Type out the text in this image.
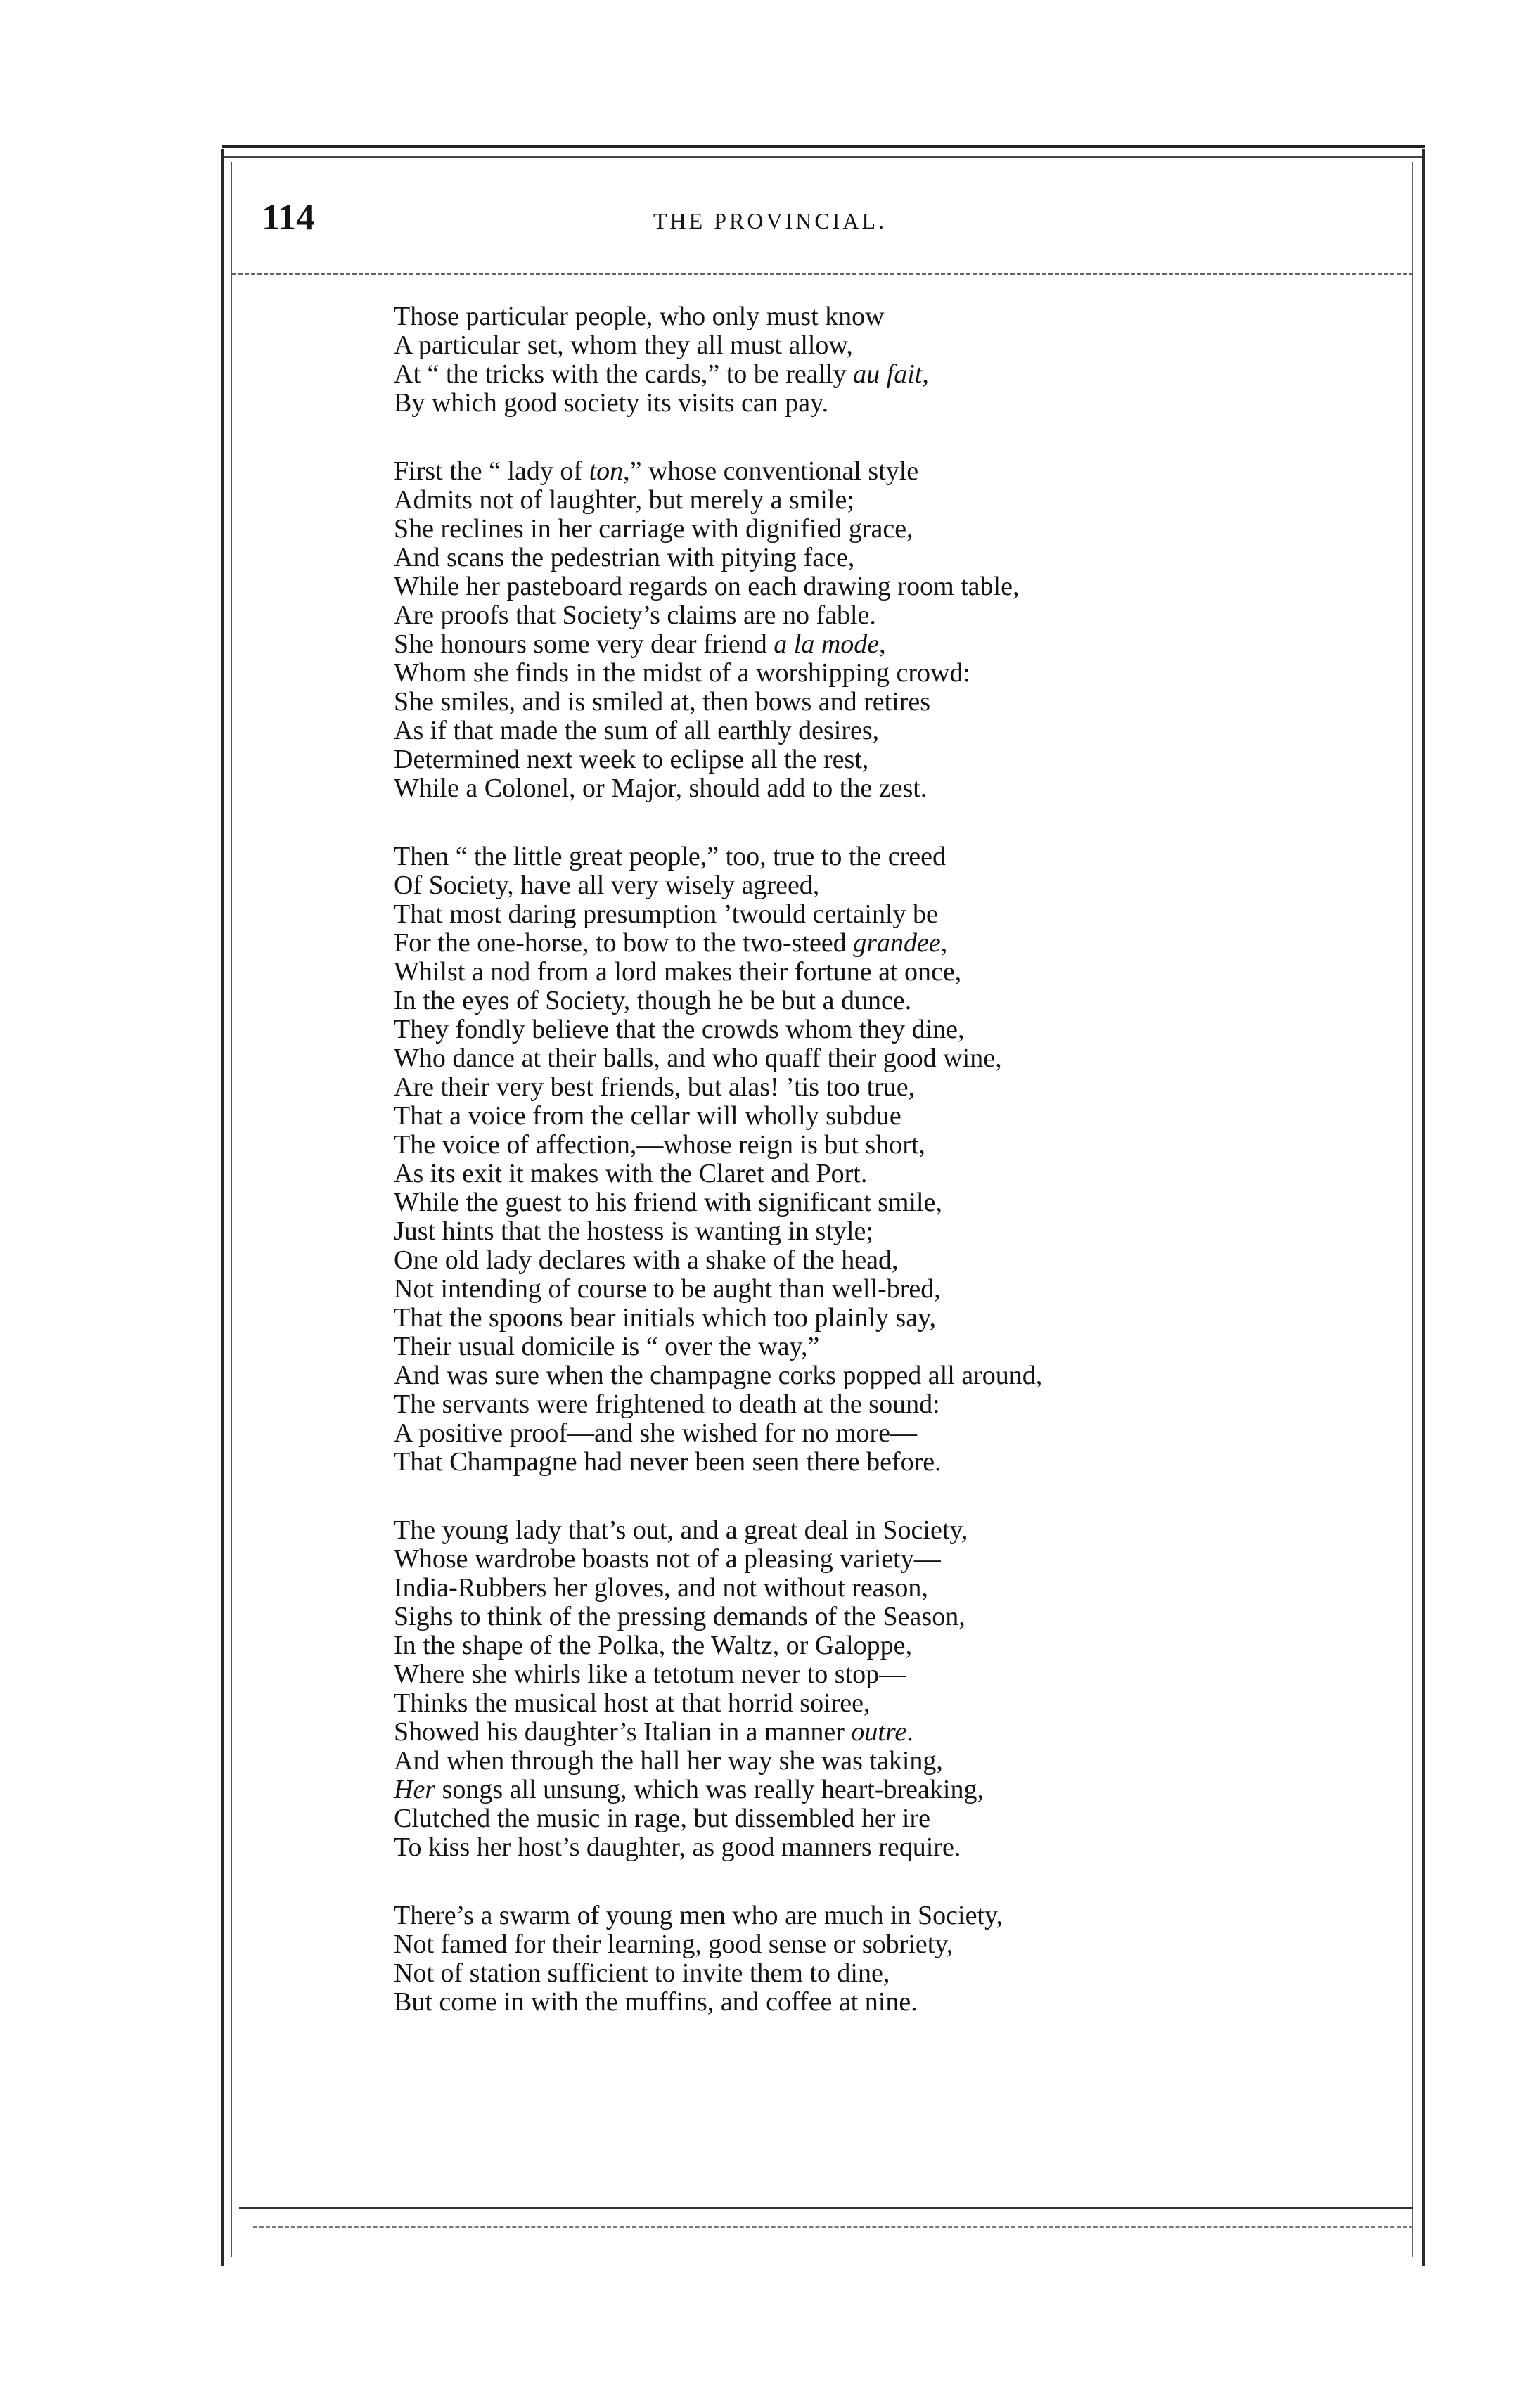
114	THE PROVINCIAL.
Those particular people, who only must know
A particular set, whom they all must allow,
At “ the tricks with the cards,” to be really au fait,
By which good society its visits can pay.
First the “ lady of ton,” whose conventional style
Admits not of laughter, but merely a smile;
She reclines in her carriage with dignified grace,
And scans the pedestrian with pitying face,
While her pasteboard regards on each drawing room table,
Are proofs that Society’s claims are no fable.
She honours some very dear friend a la mode,
Whom she finds in the midst of a worshipping crowd:
She smiles, and is smiled at, then bows and retires
As if that made the sum of all earthly desires,
Determined next week to eclipse all the rest,
While a Colonel, or Major, should add to the zest.
Then “ the little great people,” too, true to the creed
Of Society, have all very wisely agreed,
That most daring presumption ’twould certainly be
For the one-horse, to bow to the two-steed grandee,
Whilst a nod from a lord makes their fortune at once,
In the eyes of Society, though he be but a dunce.
They fondly believe that the crowds whom they dine,
Who dance at their balls, and who quaff their good wine,
Are their very best friends, but alas! ’tis too true,
That a voice from the cellar will wholly subdue
The voice of affection,—whose reign is but short,
As its exit it makes with the Claret and Port.
While the guest to his friend with significant smile,
Just hints that the hostess is wanting in style;
One old lady declares with a shake of the head,
Not intending of course to be aught than well-bred,
That the spoons bear initials which too plainly say,
Their usual domicile is “ over the way,”
And was sure when the champagne corks popped all around,
The servants were frightened to death at the sound:
A positive proof—and she wished for no more—
That Champagne had never been seen there before.
The young lady that’s out, and a great deal in Society,
Whose wardrobe boasts not of a pleasing variety—
India-Rubbers her gloves, and not without reason,
Sighs to think of the pressing demands of the Season,
In the shape of the Polka, the Waltz, or Galoppe,
Where she whirls like a tetotum never to stop—
Thinks the musical host at that horrid soiree,
Showed his daughter’s Italian in a manner outre.
And when through the hall her way she was taking,
Her songs all unsung, which was really heart-breaking,
Clutched the music in rage, but dissembled her ire
To kiss her host’s daughter, as good manners require.
There’s a swarm of young men who are much in Society,
Not famed for their learning, good sense or sobriety,
Not of station sufficient to invite them to dine,
But come in with the muffins, and coffee at nine.
